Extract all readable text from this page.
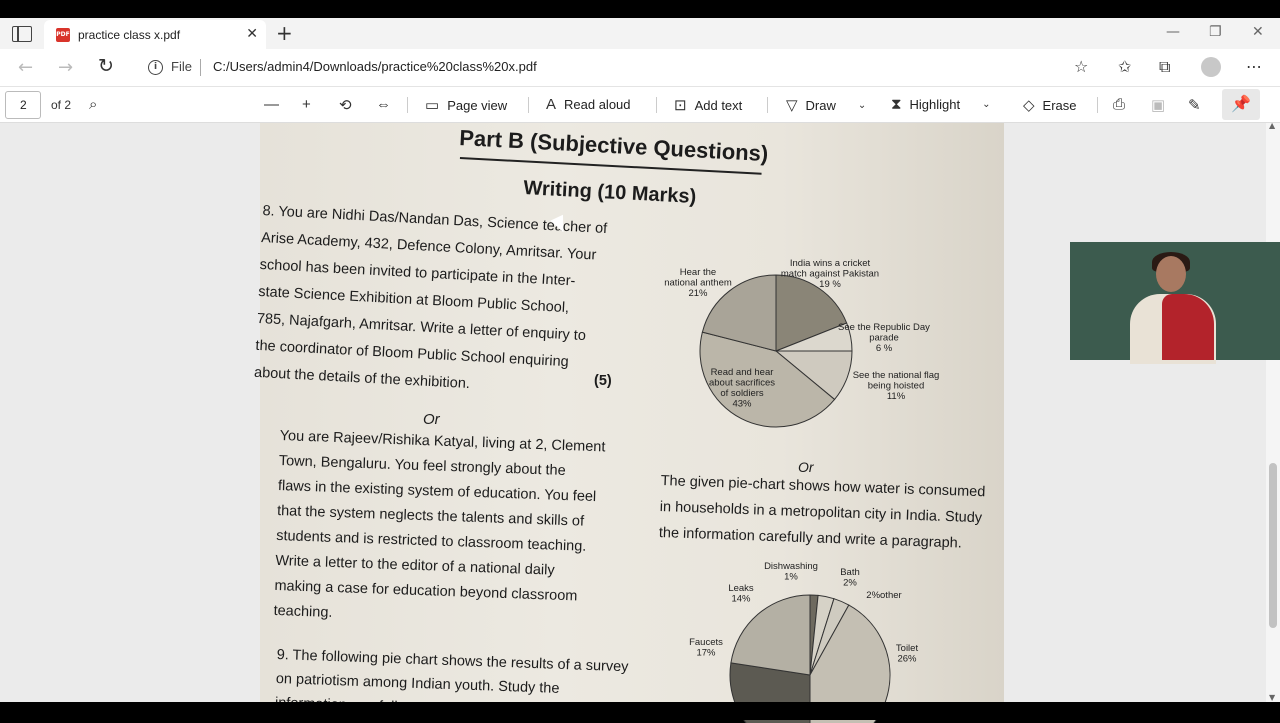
PDF practice class x.pdf	✕ +	— ❐ ✕
← → ↻	i	File C:/Users/admin4/Downloads/practice%20class%20x.pdf	☆ ✩ ⧉	⋯
2	of 2 ⌕	— + ⟲ ⇔ ▭ Page view	A Read aloud	⊡ Add text	▽ Draw ⌄ ⧗ Highlight ⌄ ◇ Erase ⎙ ▣ ✎	📌
Part B (Subjective Questions)
Writing (10 Marks)
8. You are Nidhi Das/Nandan Das, Science teacher of
Arise Academy, 432, Defence Colony, Amritsar. Your
school has been invited to participate in the Inter-
state Science Exhibition at Bloom Public School,
785, Najafgarh, Amritsar. Write a letter of enquiry to
the coordinator of Bloom Public School enquiring
about the details of the exhibition.	(5)
Or
You are Rajeev/Rishika Katyal, living at 2, Clement
Town, Bengaluru. You feel strongly about the
flaws in the existing system of education. You feel
that the system neglects the talents and skills of
students and is restricted to classroom teaching.
Write a letter to the editor of a national daily
making a case for education beyond classroom
teaching.
9. The following pie chart shows the results of a survey
on patriotism among Indian youth. Study the
India wins a cricket match against Pakistan 19 %
See the Republic Day parade 6 %
See the national flag being hoisted 11%
Read and hear about sacrifices of soldiers 43%
Hear the national anthem 21%
Or
The given pie-chart shows how water is consumed
in households in a metropolitan city in India. Study
the information carefully and write a paragraph.
Dishwashing 1%	Bath 2%
2%other
Toilet 26%
Faucets 17%
Leaks 14%
▲
▼
